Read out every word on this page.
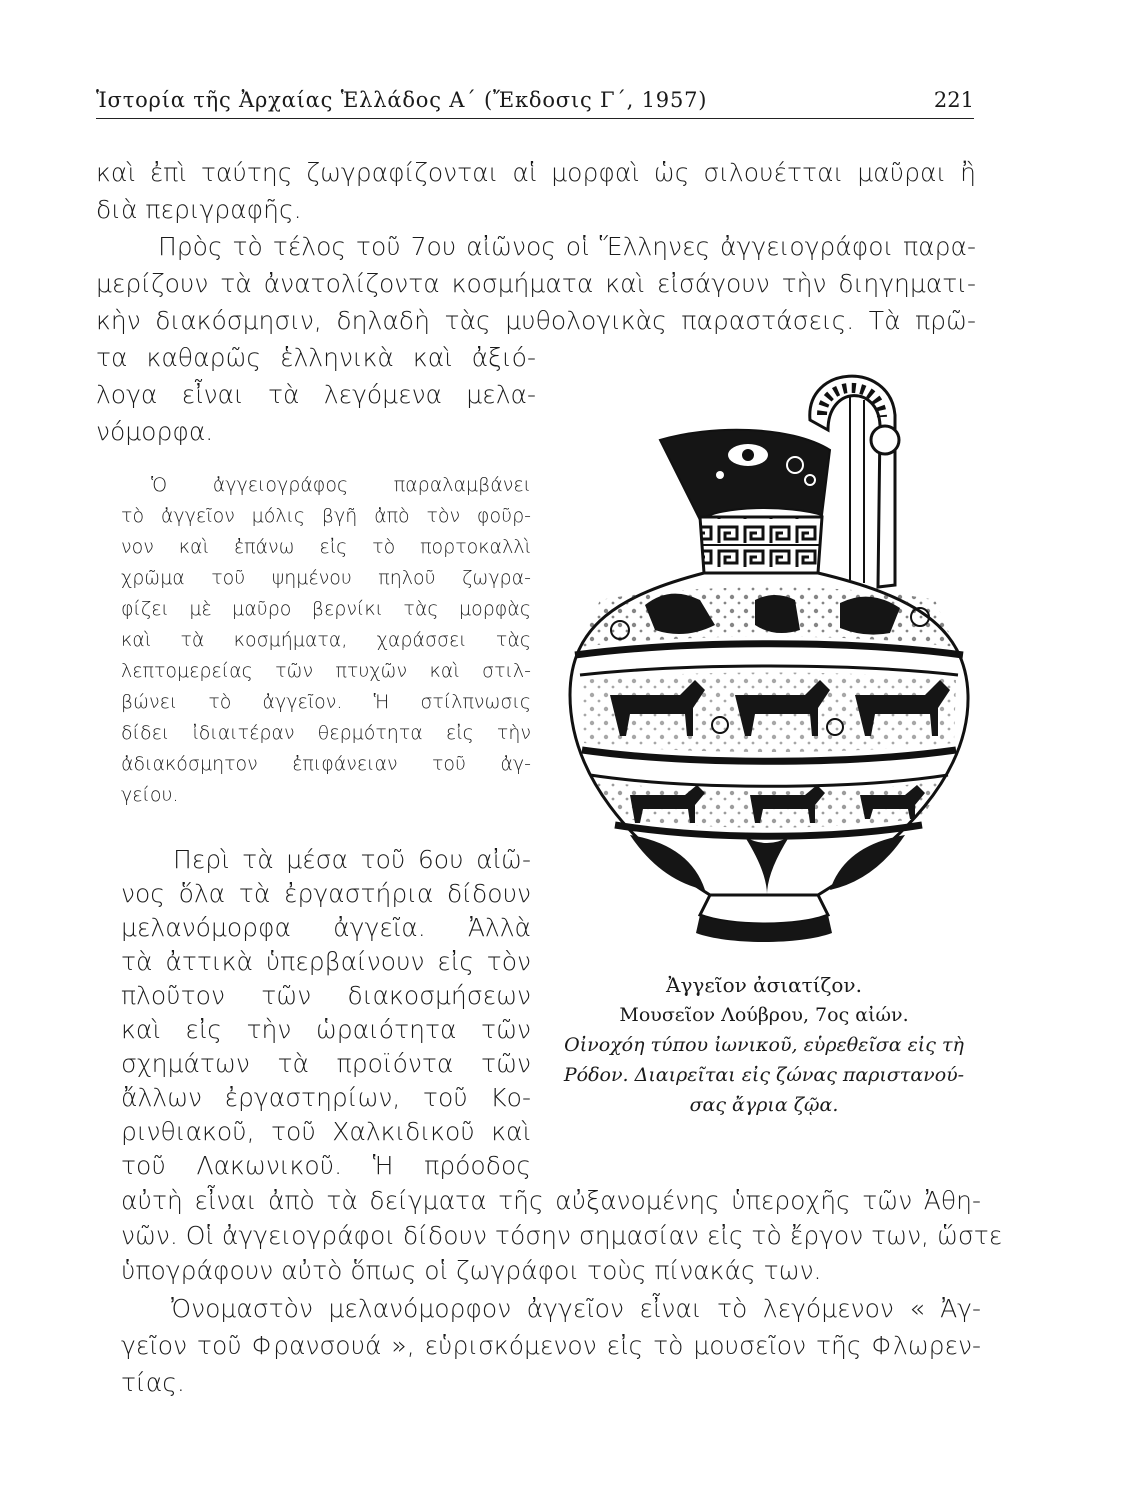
Ἱστορία τῆς Ἀρχαίας Ἑλλάδος Α΄ (Ἔκδοσις Γ΄, 1957)	221
καὶ ἐπὶ ταύτης ζωγραφίζονται αἱ μορφαὶ ὡς σιλουέτται μαῦραι ἢ
διὰ περιγραφῆς.
Πρὸς τὸ τέλος τοῦ 7ου αἰῶνος οἱ Ἕλληνες ἀγγειογράφοι παρα-
μερίζουν τὰ ἀνατολίζοντα κοσμήματα καὶ εἰσάγουν τὴν διηγηματι-
κὴν διακόσμησιν, δηλαδὴ τὰς μυθολογικὰς παραστάσεις. Τὰ πρῶ-
τα καθαρῶς ἑλληνικὰ καὶ ἀξιό-
λογα εἶναι τὰ λεγόμενα μελα-
νόμορφα.
Ὁ ἀγγειογράφος παραλαμβάνει
τὸ ἀγγεῖον μόλις βγῆ ἀπὸ τὸν φοῦρ-
νον καὶ ἐπάνω εἰς τὸ πορτοκαλλὶ
χρῶμα τοῦ ψημένου πηλοῦ ζωγρα-
φίζει μὲ μαῦρο βερνίκι τὰς μορφὰς
καὶ τὰ κοσμήματα, χαράσσει τὰς
λεπτομερείας τῶν πτυχῶν καὶ στιλ-
βώνει τὸ ἀγγεῖον. Ἡ στίλπνωσις
δίδει ἰδιαιτέραν θερμότητα εἰς τὴν
ἀδιακόσμητον ἐπιφάνειαν τοῦ ἀγ-
γείου.
Ἀγγεῖον ἀσιατίζον.
Μουσεῖον Λούβρου, 7ος αἰών.
Οἰνοχόη τύπου ἰωνικοῦ, εὑρεθεῖσα εἰς τὴ
Ρόδον. Διαιρεῖται εἰς ζώνας παριστανού-
σας ἄγρια ζῷα.
Περὶ τὰ μέσα τοῦ 6ου αἰῶ-
νος ὅλα τὰ ἐργαστήρια δίδουν
μελανόμορφα ἀγγεῖα. Ἀλλὰ
τὰ ἀττικὰ ὑπερβαίνουν εἰς τὸν
πλοῦτον τῶν διακοσμήσεων
καὶ εἰς τὴν ὡραιότητα τῶν
σχημάτων τὰ προϊόντα τῶν
ἄλλων ἐργαστηρίων, τοῦ Κο-
ρινθιακοῦ, τοῦ Χαλκιδικοῦ καὶ
τοῦ Λακωνικοῦ. Ἡ πρόοδος
αὐτὴ εἶναι ἀπὸ τὰ δείγματα τῆς αὐξανομένης ὑπεροχῆς τῶν Ἀθη-
νῶν. Οἱ ἀγγειογράφοι δίδουν τόσην σημασίαν εἰς τὸ ἔργον των, ὥστε
ὑπογράφουν αὐτὸ ὅπως οἱ ζωγράφοι τοὺς πίνακάς των.
Ὀνομαστὸν μελανόμορφον ἀγγεῖον εἶναι τὸ λεγόμενον « Ἀγ-
γεῖον τοῦ Φρανσουά », εὑρισκόμενον εἰς τὸ μουσεῖον τῆς Φλωρεν-
τίας.
